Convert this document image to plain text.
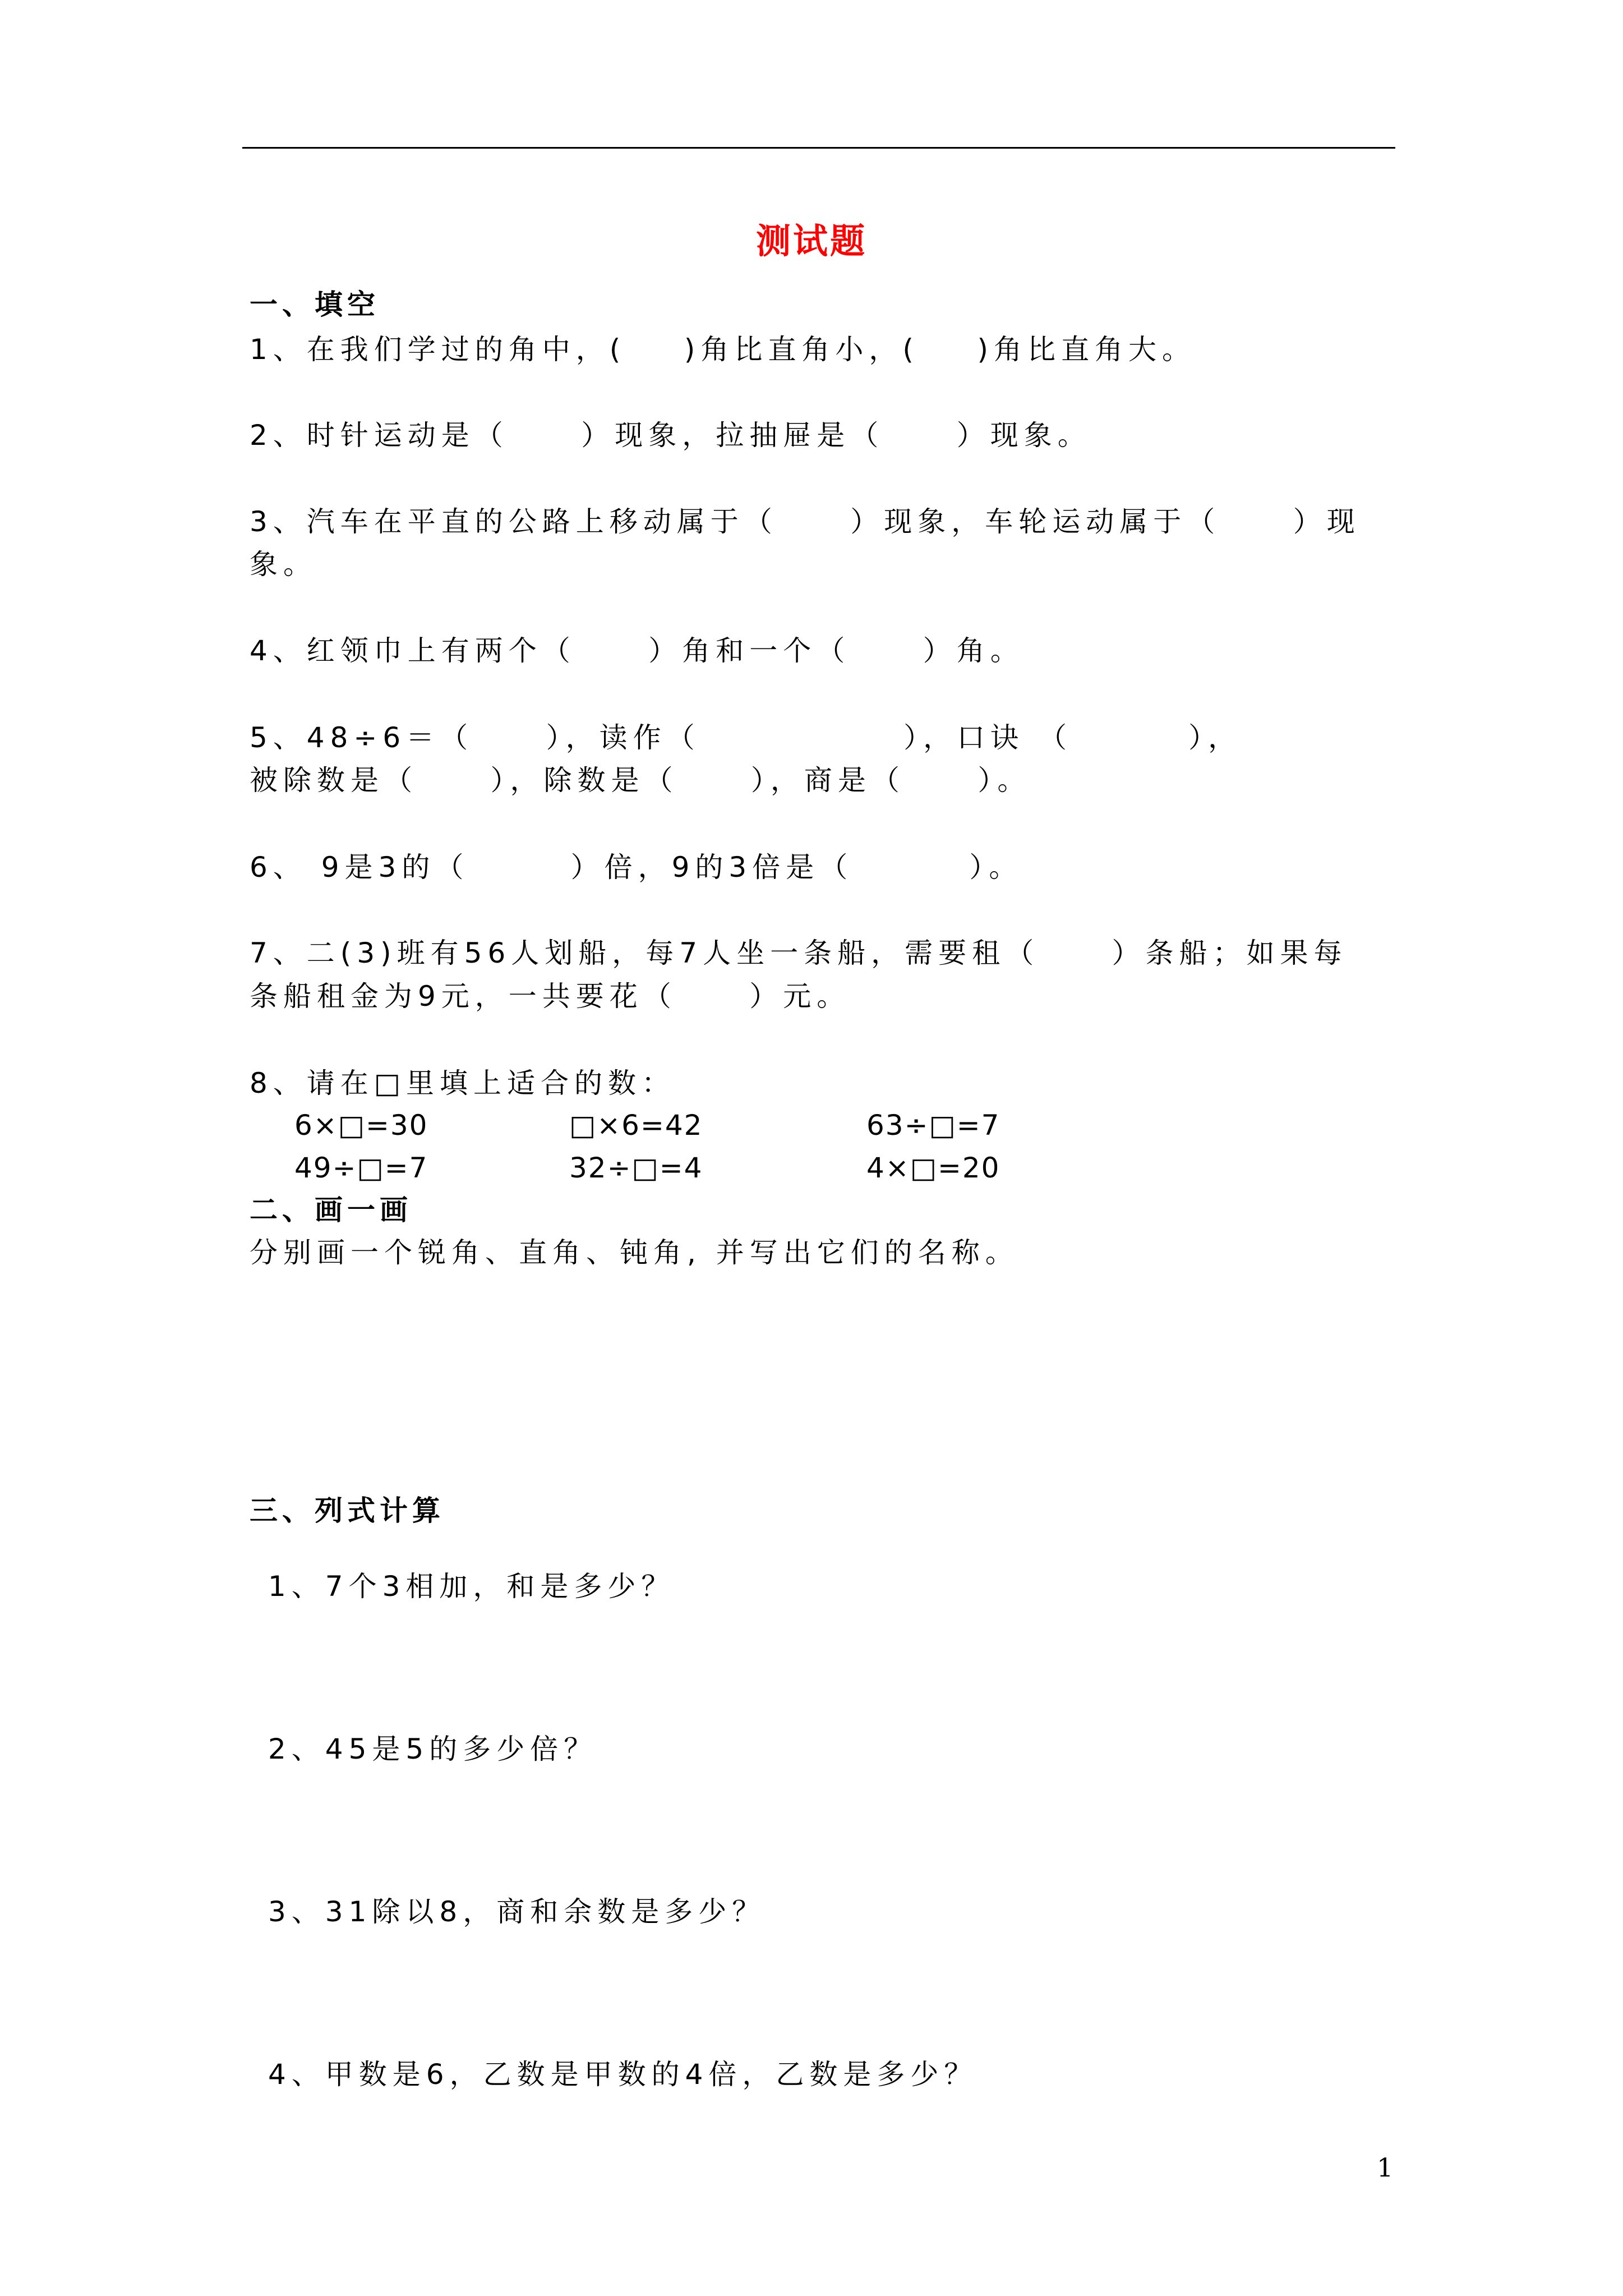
测试题
一、填空
1、在我们学过的角中，(    )角比直角小，(    )角比直角大。
2、时针运动是（     ）现象，拉抽屉是（     ）现象。
3、汽车在平直的公路上移动属于（     ）现象，车轮运动属于（     ）现
象。
4、红领巾上有两个（     ）角和一个（     ）角。
5、48÷6＝（     ），读作（              ），口诀 （        ），
被除数是（     ），除数是（     ），商是（     ）。
6、 9是3的（       ）倍，9的3倍是（        ）。
7、二(3)班有56人划船，每7人坐一条船，需要租（     ）条船；如果每
条船租金为9元，一共要花（     ）元。
8、请在□里填上适合的数：
6×□=30	□×6=42	63÷□=7
49÷□=7	32÷□=4	4×□=20
二、画一画
分别画一个锐角、直角、钝角, 并写出它们的名称。
三、列式计算
1、7个3相加，和是多少？
2、45是5的多少倍？
3、31除以8，商和余数是多少？
4、甲数是6，乙数是甲数的4倍，乙数是多少？
1
